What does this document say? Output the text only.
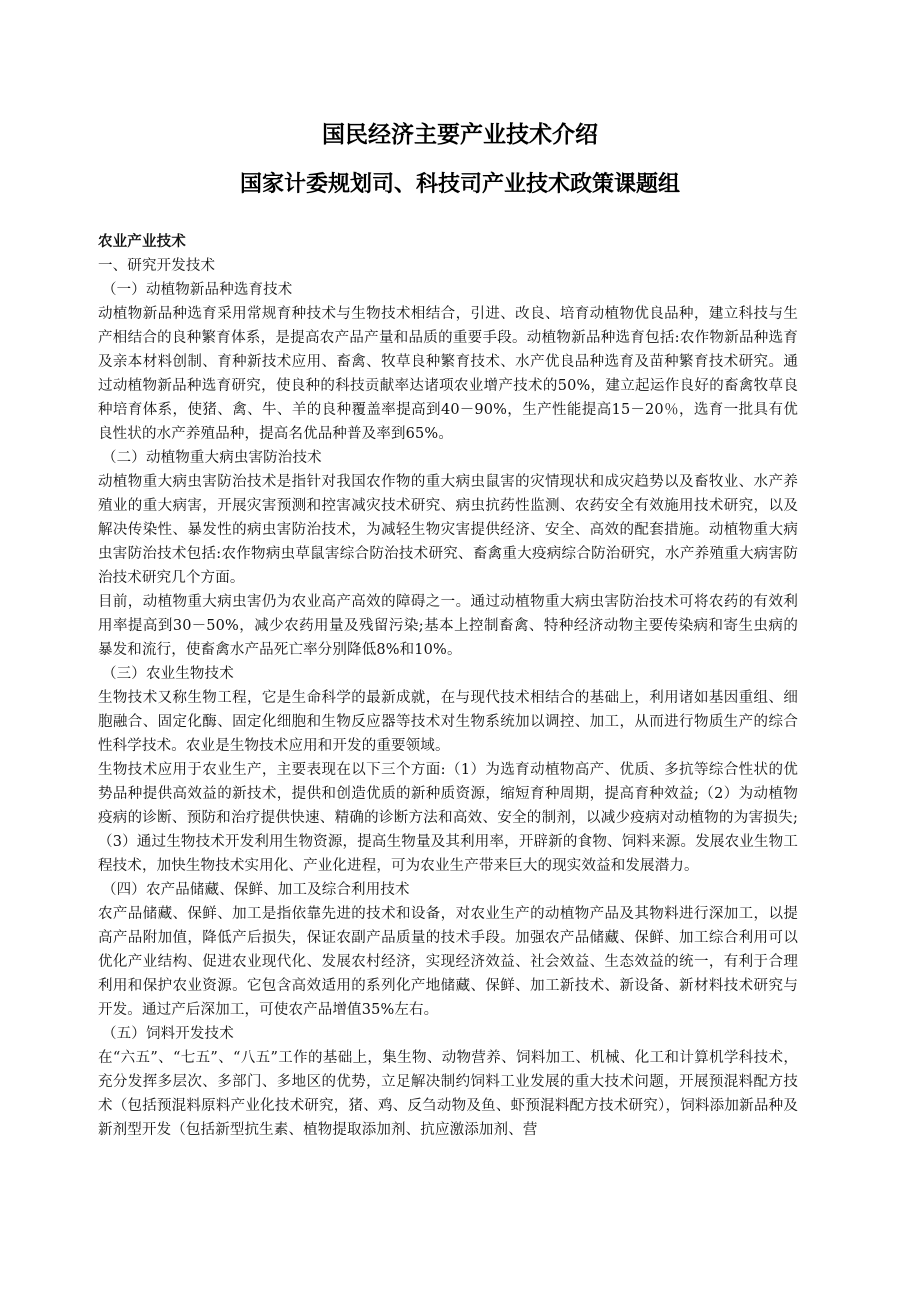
国民经济主要产业技术介绍
国家计委规划司、科技司产业技术政策课题组

农业产业技术

一、研究开发技术

（一）动植物新品种选育技术

动植物新品种选育采用常规育种技术与生物技术相结合，引进、改良、培育动植物优良品种，建立科技与生产相结合的良种繁育体系，是提高农产品产量和品质的重要手段。动植物新品种选育包括:农作物新品种选育及亲本材料创制、育种新技术应用、畜禽、牧草良种繁育技术、水产优良品种选育及苗种繁育技术研究。通过动植物新品种选育研究，使良种的科技贡献率达诸项农业增产技术的50%，建立起运作良好的畜禽牧草良种培育体系，使猪、禽、牛、羊的良种覆盖率提高到40－90%，生产性能提高15－20％，选育一批具有优良性状的水产养殖品种，提高名优品种普及率到65%。

（二）动植物重大病虫害防治技术

动植物重大病虫害防治技术是指针对我国农作物的重大病虫鼠害的灾情现状和成灾趋势以及畜牧业、水产养殖业的重大病害，开展灾害预测和控害减灾技术研究、病虫抗药性监测、农药安全有效施用技术研究，以及解决传染性、暴发性的病虫害防治技术，为减轻生物灾害提供经济、安全、高效的配套措施。动植物重大病虫害防治技术包括:农作物病虫草鼠害综合防治技术研究、畜禽重大疫病综合防治研究，水产养殖重大病害防治技术研究几个方面。

目前，动植物重大病虫害仍为农业高产高效的障碍之一。通过动植物重大病虫害防治技术可将农药的有效利用率提高到30－50%，减少农药用量及残留污染;基本上控制畜禽、特种经济动物主要传染病和寄生虫病的暴发和流行，使畜禽水产品死亡率分别降低8%和10%。

（三）农业生物技术

生物技术又称生物工程，它是生命科学的最新成就，在与现代技术相结合的基础上，利用诸如基因重组、细胞融合、固定化酶、固定化细胞和生物反应器等技术对生物系统加以调控、加工，从而进行物质生产的综合性科学技术。农业是生物技术应用和开发的重要领域。

生物技术应用于农业生产，主要表现在以下三个方面:（1）为选育动植物高产、优质、多抗等综合性状的优势品种提供高效益的新技术，提供和创造优质的新种质资源，缩短育种周期，提高育种效益;（2）为动植物疫病的诊断、预防和治疗提供快速、精确的诊断方法和高效、安全的制剂，以减少疫病对动植物的为害损失;（3）通过生物技术开发利用生物资源，提高生物量及其利用率，开辟新的食物、饲料来源。发展农业生物工程技术，加快生物技术实用化、产业化进程，可为农业生产带来巨大的现实效益和发展潜力。

（四）农产品储藏、保鲜、加工及综合利用技术

农产品储藏、保鲜、加工是指依靠先进的技术和设备，对农业生产的动植物产品及其物料进行深加工，以提高产品附加值，降低产后损失，保证农副产品质量的技术手段。加强农产品储藏、保鲜、加工综合利用可以优化产业结构、促进农业现代化、发展农村经济，实现经济效益、社会效益、生态效益的统一，有利于合理利用和保护农业资源。它包含高效适用的系列化产地储藏、保鲜、加工新技术、新设备、新材料技术研究与开发。通过产后深加工，可使农产品增值35%左右。

（五）饲料开发技术

在“六五”、“七五”、“八五”工作的基础上，集生物、动物营养、饲料加工、机械、化工和计算机学科技术，充分发挥多层次、多部门、多地区的优势，立足解决制约饲料工业发展的重大技术问题，开展预混料配方技术（包括预混料原料产业化技术研究，猪、鸡、反刍动物及鱼、虾预混料配方技术研究），饲料添加新品种及新剂型开发（包括新型抗生素、植物提取添加剂、抗应激添加剂、营
